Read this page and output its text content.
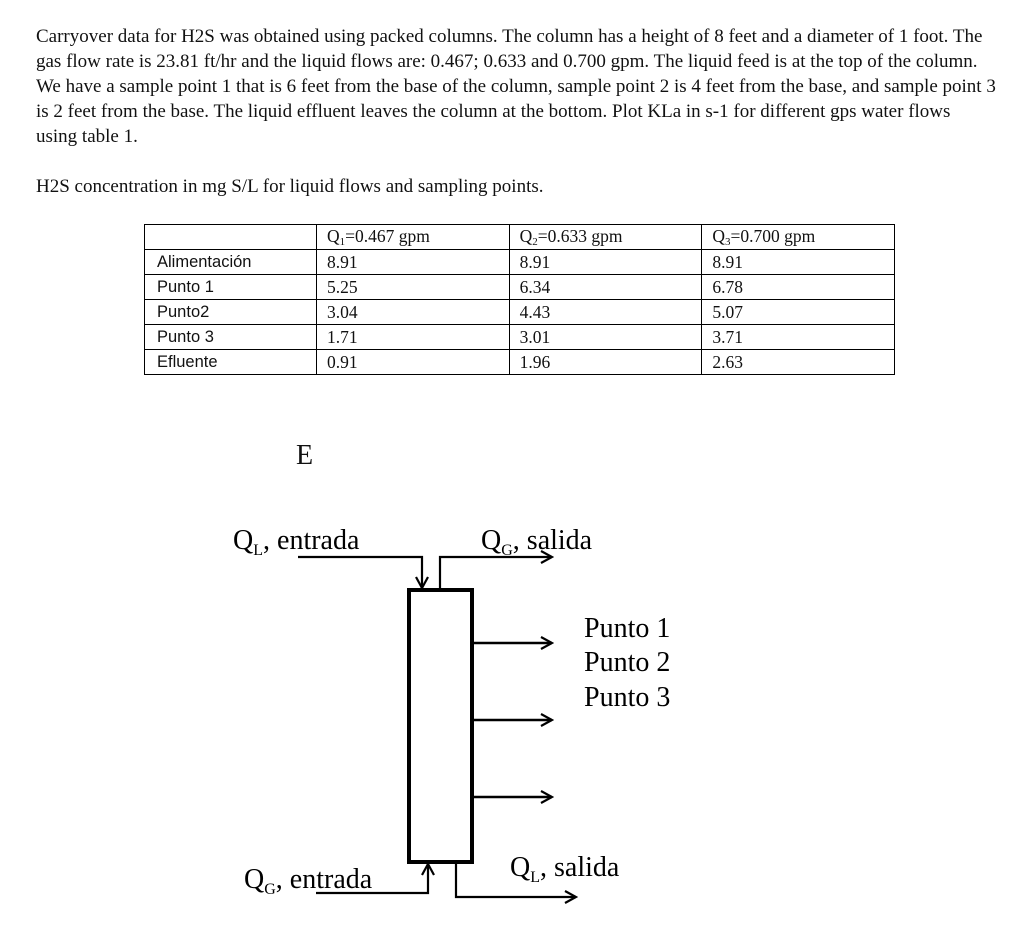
Carryover data for H2S was obtained using packed columns. The column has a height of 8 feet and a diameter of 1 foot. The gas flow rate is 23.81 ft/hr and the liquid flows are: 0.467; 0.633 and 0.700 gpm. The liquid feed is at the top of the column. We have a sample point 1 that is 6 feet from the base of the column, sample point 2 is 4 feet from the base, and sample point 3 is 2 feet from the base. The liquid effluent leaves the column at the bottom. Plot KLa in s-1 for different gps water flows using table 1.

H2S concentration in mg S/L for liquid flows and sampling points.

	$Q_1=0.467$ gpm	$Q_2=0.633$ gpm	$Q_3=0.700$ gpm
Alimentación	8.91	8.91	8.91
Punto 1	5.25	6.34	6.78
Punto2	3.04	4.43	5.07
Punto 3	1.71	3.01	3.71
Efluente	0.91	1.96	2.63

E

$Q_L$, entrada	$Q_G$, salida
Punto 1
Punto 2
Punto 3
$Q_G$, entrada	$Q_L$, salida
